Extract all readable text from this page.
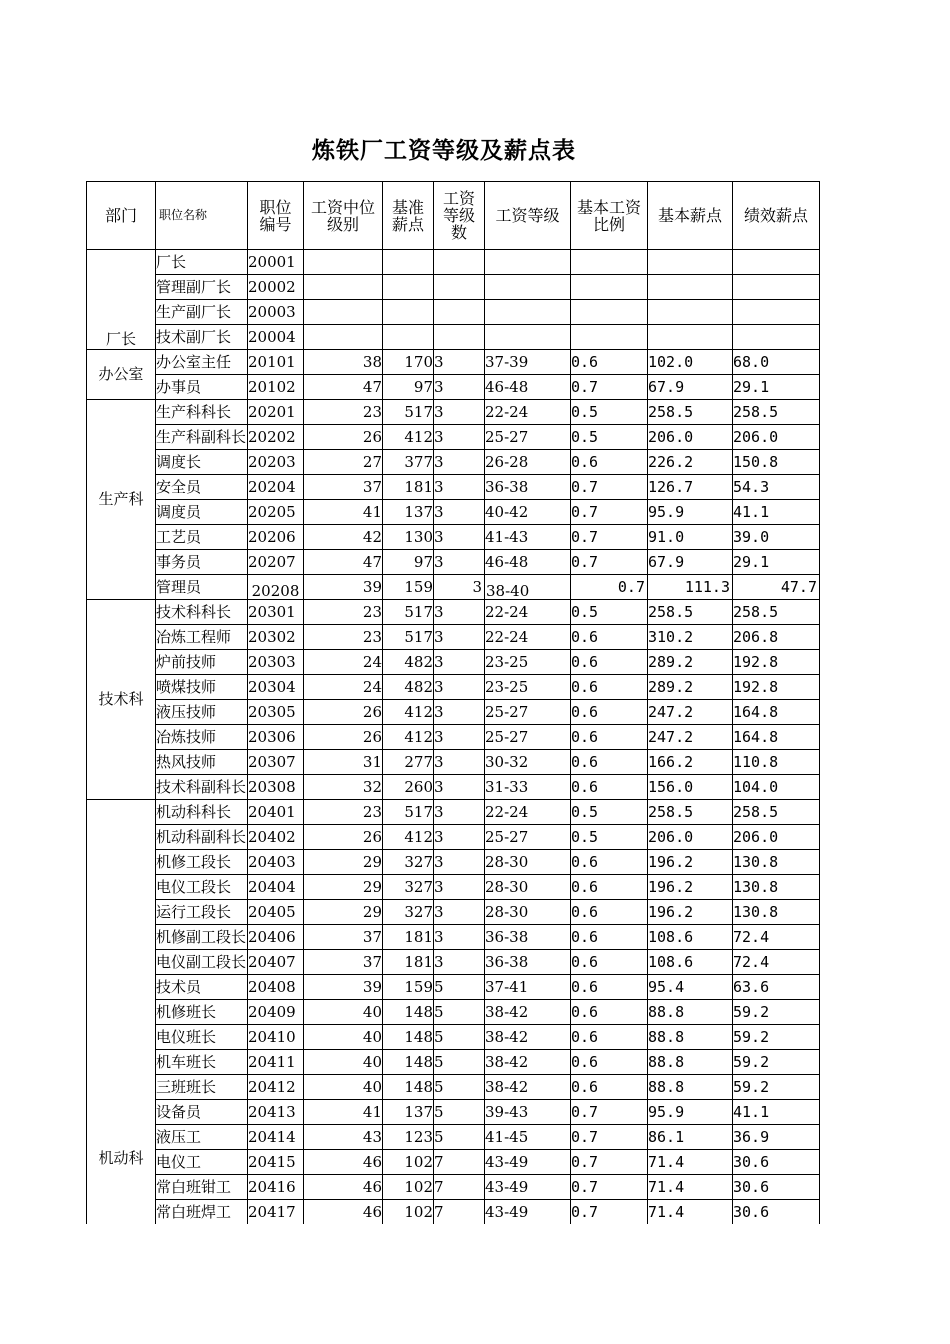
炼铁厂工资等级及薪点表
部门	职位名称	职位编号	工资中位级别	基准薪点	工资等级数	工资等级	基本工资比例	基本薪点	绩效薪点
厂长	厂长	20001							
	管理副厂长	20002							
	生产副厂长	20003							
	技术副厂长	20004							
办公室	办公室主任	20101	38	170	3	37-39	0.6	102.0	68.0
	办事员	20102	47	97	3	46-48	0.7	67.9	29.1
生产科	生产科科长	20201	23	517	3	22-24	0.5	258.5	258.5
	生产科副科长	20202	26	412	3	25-27	0.5	206.0	206.0
	调度长	20203	27	377	3	26-28	0.6	226.2	150.8
	安全员	20204	37	181	3	36-38	0.7	126.7	54.3
	调度员	20205	41	137	3	40-42	0.7	95.9	41.1
	工艺员	20206	42	130	3	41-43	0.7	91.0	39.0
	事务员	20207	47	97	3	46-48	0.7	67.9	29.1
	管理员	20208	39	159	3	38-40	0.7	111.3	47.7
技术科	技术科科长	20301	23	517	3	22-24	0.5	258.5	258.5
	冶炼工程师	20302	23	517	3	22-24	0.6	310.2	206.8
	炉前技师	20303	24	482	3	23-25	0.6	289.2	192.8
	喷煤技师	20304	24	482	3	23-25	0.6	289.2	192.8
	液压技师	20305	26	412	3	25-27	0.6	247.2	164.8
	冶炼技师	20306	26	412	3	25-27	0.6	247.2	164.8
	热风技师	20307	31	277	3	30-32	0.6	166.2	110.8
	技术科副科长	20308	32	260	3	31-33	0.6	156.0	104.0
机动科	机动科科长	20401	23	517	3	22-24	0.5	258.5	258.5
	机动科副科长	20402	26	412	3	25-27	0.5	206.0	206.0
	机修工段长	20403	29	327	3	28-30	0.6	196.2	130.8
	电仪工段长	20404	29	327	3	28-30	0.6	196.2	130.8
	运行工段长	20405	29	327	3	28-30	0.6	196.2	130.8
	机修副工段长	20406	37	181	3	36-38	0.6	108.6	72.4
	电仪副工段长	20407	37	181	3	36-38	0.6	108.6	72.4
	技术员	20408	39	159	5	37-41	0.6	95.4	63.6
	机修班长	20409	40	148	5	38-42	0.6	88.8	59.2
	电仪班长	20410	40	148	5	38-42	0.6	88.8	59.2
	机车班长	20411	40	148	5	38-42	0.6	88.8	59.2
	三班班长	20412	40	148	5	38-42	0.6	88.8	59.2
	设备员	20413	41	137	5	39-43	0.7	95.9	41.1
	液压工	20414	43	123	5	41-45	0.7	86.1	36.9
	电仪工	20415	46	102	7	43-49	0.7	71.4	30.6
	常白班钳工	20416	46	102	7	43-49	0.7	71.4	30.6
	常白班焊工	20417	46	102	7	43-49	0.7	71.4	30.6
